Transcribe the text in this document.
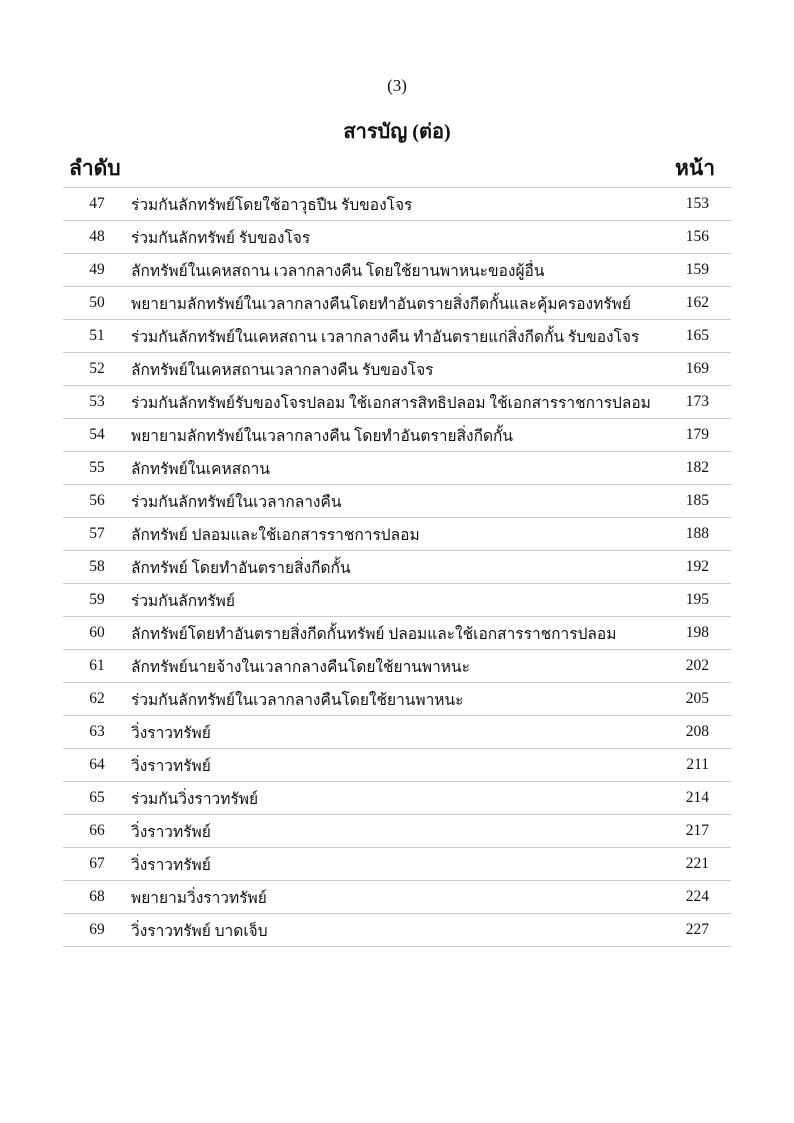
(3)
สารบัญ (ต่อ)
ลำดับ	หน้า
47	ร่วมกันลักทรัพย์โดยใช้อาวุธปืน รับของโจร	153
48	ร่วมกันลักทรัพย์ รับของโจร	156
49	ลักทรัพย์ในเคหสถาน เวลากลางคืน โดยใช้ยานพาหนะของผู้อื่น	159
50	พยายามลักทรัพย์ในเวลากลางคืนโดยทำอันตรายสิ่งกีดกั้นและคุ้มครองทรัพย์	162
51	ร่วมกันลักทรัพย์ในเคหสถาน เวลากลางคืน ทำอันตรายแก่สิ่งกีดกั้น รับของโจร	165
52	ลักทรัพย์ในเคหสถานเวลากลางคืน รับของโจร	169
53	ร่วมกันลักทรัพย์รับของโจรปลอม ใช้เอกสารสิทธิปลอม ใช้เอกสารราชการปลอม	173
54	พยายามลักทรัพย์ในเวลากลางคืน โดยทำอันตรายสิ่งกีดกั้น	179
55	ลักทรัพย์ในเคหสถาน	182
56	ร่วมกันลักทรัพย์ในเวลากลางคืน	185
57	ลักทรัพย์ ปลอมและใช้เอกสารราชการปลอม	188
58	ลักทรัพย์ โดยทำอันตรายสิ่งกีดกั้น	192
59	ร่วมกันลักทรัพย์	195
60	ลักทรัพย์โดยทำอันตรายสิ่งกีดกั้นทรัพย์ ปลอมและใช้เอกสารราชการปลอม	198
61	ลักทรัพย์นายจ้างในเวลากลางคืนโดยใช้ยานพาหนะ	202
62	ร่วมกันลักทรัพย์ในเวลากลางคืนโดยใช้ยานพาหนะ	205
63	วิ่งราวทรัพย์	208
64	วิ่งราวทรัพย์	211
65	ร่วมกันวิ่งราวทรัพย์	214
66	วิ่งราวทรัพย์	217
67	วิ่งราวทรัพย์	221
68	พยายามวิ่งราวทรัพย์	224
69	วิ่งราวทรัพย์ บาดเจ็บ	227
